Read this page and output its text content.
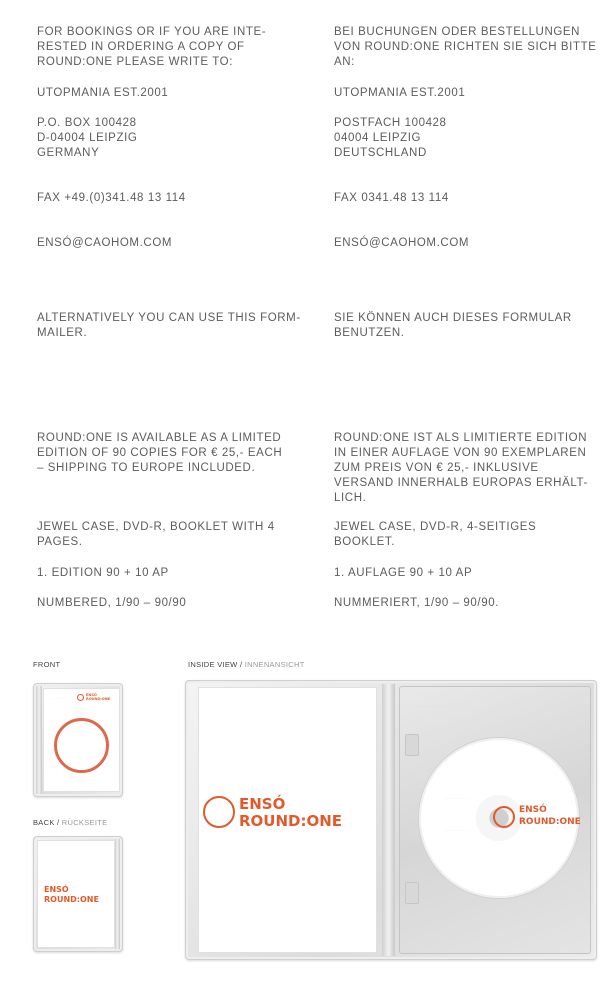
FOR BOOKINGS OR IF YOU ARE INTE-
RESTED IN ORDERING A COPY OF
ROUND:ONE PLEASE WRITE TO:

UTOPMANIA EST.2001

P.O. BOX 100428
D-04004 LEIPZIG
GERMANY

FAX +49.(0)341.48 13 114

ENSÓ@CAOHOM.COM

ALTERNATIVELY YOU CAN USE THIS FORM-
MAILER.

ROUND:ONE IS AVAILABLE AS A LIMITED
EDITION OF 90 COPIES FOR € 25,- EACH
– SHIPPING TO EUROPE INCLUDED.

JEWEL CASE, DVD-R, BOOKLET WITH 4
PAGES.

1. EDITION 90 + 10 AP

NUMBERED, 1/90 – 90/90

BEI BUCHUNGEN ODER BESTELLUNGEN
VON ROUND:ONE RICHTEN SIE SICH BITTE
AN:

UTOPMANIA EST.2001

POSTFACH 100428
04004 LEIPZIG
DEUTSCHLAND

FAX 0341.48 13 114

ENSÓ@CAOHOM.COM

SIE KÖNNEN AUCH DIESES FORMULAR
BENUTZEN.

ROUND:ONE IST ALS LIMITIERTE EDITION
IN EINER AUFLAGE VON 90 EXEMPLAREN
ZUM PREIS VON € 25,- INKLUSIVE
VERSAND INNERHALB EUROPAS ERHÄLT-
LICH.

JEWEL CASE, DVD-R, 4-SEITIGES
BOOKLET.

1. AUFLAGE 90 + 10 AP

NUMMERIERT, 1/90 – 90/90.

FRONT
BACK / RÜCKSEITE
INSIDE VIEW / INNENANSICHT
· · · · · · · · · ·
ENSÓ
ROUND:ONE
ENSÓ
ROUND:ONE
ENSÓ
ROUND:ONE
· · · · · · · · · · · · · · · · · · · ·
· · · · · · · · · · ·
· · · · · · · · · · ·
ENSÓ
ROUND:ONE
